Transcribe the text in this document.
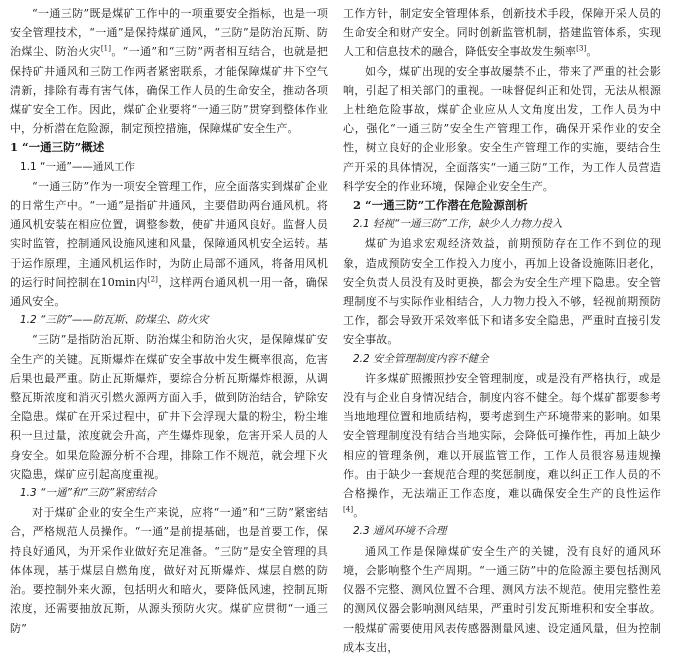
“一通三防”既是煤矿工作中的一项重要安全指标，也是一项安全管理技术，“一通”是保持煤矿通风，“三防”是防治瓦斯、防治煤尘、防治火灾[1]。“一通”和“三防”两者相互结合，也就是把保持矿井通风和三防工作两者紧密联系，才能保障煤矿井下空气清新，排除有毒有害气体，确保工作人员的生命安全，推动各项煤矿安全工作。因此，煤矿企业要将“一通三防”贯穿到整体作业中，分析潜在危险源，制定预控措施，保障煤矿安全生产。

1 “一通三防”概述
1.1 “一通”——通风工作

“一通三防”作为一项安全管理工作，应全面落实到煤矿企业的日常生产中。“一通”是指矿井通风，主要借助两台通风机。将通风机安装在相应位置，调整参数，使矿井通风良好。监督人员实时监管，控制通风设施风速和风量，保障通风机安全运转。基于运作原理，主通风机运作时，为防止局部不通风，将备用风机的运行时间控制在10min内[2]，这样两台通风机一用一备，确保通风安全。

1.2 “三防”——防瓦斯、防煤尘、防火灾

“三防”是指防治瓦斯、防治煤尘和防治火灾，是保障煤矿安全生产的关键。瓦斯爆炸在煤矿安全事故中发生概率很高，危害后果也最严重。防止瓦斯爆炸，要综合分析瓦斯爆炸根源，从调整瓦斯浓度和消灭引燃火源两方面入手，做到防治结合，铲除安全隐患。煤矿在开采过程中，矿井下会浮现大量的粉尘，粉尘堆积一旦过量，浓度就会升高，产生爆炸现象，危害开采人员的人身安全。如果危险源分析不合理，排除工作不规范，就会埋下火灾隐患，煤矿应引起高度重视。

1.3 “一通”和“三防”紧密结合

对于煤矿企业的安全生产来说，应将“一通”和“三防”紧密结合，严格规范人员操作。“一通”是前提基础，也是首要工作，保持良好通风，为开采作业做好充足准备。“三防”是安全管理的具体体现，基于煤层自燃角度，做好对瓦斯爆炸、煤层自燃的防治。要控制外来火源，包括明火和暗火，要降低风速，控制瓦斯浓度，还需要抽放瓦斯，从源头预防火灾。煤矿应贯彻“一通三防”

工作方针，制定安全管理体系，创新技术手段，保障开采人员的生命安全和财产安全。同时创新监管机制，搭建监管体系，实现人工和信息技术的融合，降低安全事故发生频率[3]。

如今，煤矿出现的安全事故屡禁不止，带来了严重的社会影响，引起了相关部门的重视。一味督促纠正和处罚，无法从根源上杜绝危险事故，煤矿企业应从人文角度出发，工作人员为中心，强化“一通三防”安全生产管理工作，确保开采作业的安全性，树立良好的企业形象。安全生产管理工作的实施，要结合生产开采的具体情况，全面落实“一通三防”工作，为工作人员营造科学安全的作业环境，保障企业安全生产。

2 “一通三防”工作潜在危险源剖析
2.1 轻视“一通三防”工作，缺少人力物力投入

煤矿为追求宏观经济效益，前期预防存在工作不到位的现象，造成预防安全工作投入力度小，再加上设备设施陈旧老化，安全负责人员没有及时更换，都会为安全生产埋下隐患。安全管理制度不与实际作业相结合，人力物力投入不够，轻视前期预防工作，都会导致开采效率低下和诸多安全隐患，严重时直接引发安全事故。

2.2 安全管理制度内容不健全

许多煤矿照搬照抄安全管理制度，或是没有严格执行，或是没有与企业自身情况结合，制度内容不健全。每个煤矿都要参考当地地理位置和地质结构，要考虑到生产环境带来的影响。如果安全管理制度没有结合当地实际，会降低可操作性，再加上缺少相应的管理条例，难以开展监管工作，工作人员很容易违规操作。由于缺少一套规范合理的奖惩制度，难以纠正工作人员的不合格操作，无法端正工作态度，难以确保安全生产的良性运作[4]。

2.3 通风环境不合理

通风工作是保障煤矿安全生产的关键，没有良好的通风环境，会影响整个生产周期。“一通三防”中的危险源主要包括测风仪器不完整、测风位置不合理、测风方法不规范。使用完整性差的测风仪器会影响测风结果，严重时引发瓦斯堆积和安全事故。一般煤矿需要使用风表传感器测量风速、设定通风量，但为控制成本支出，
